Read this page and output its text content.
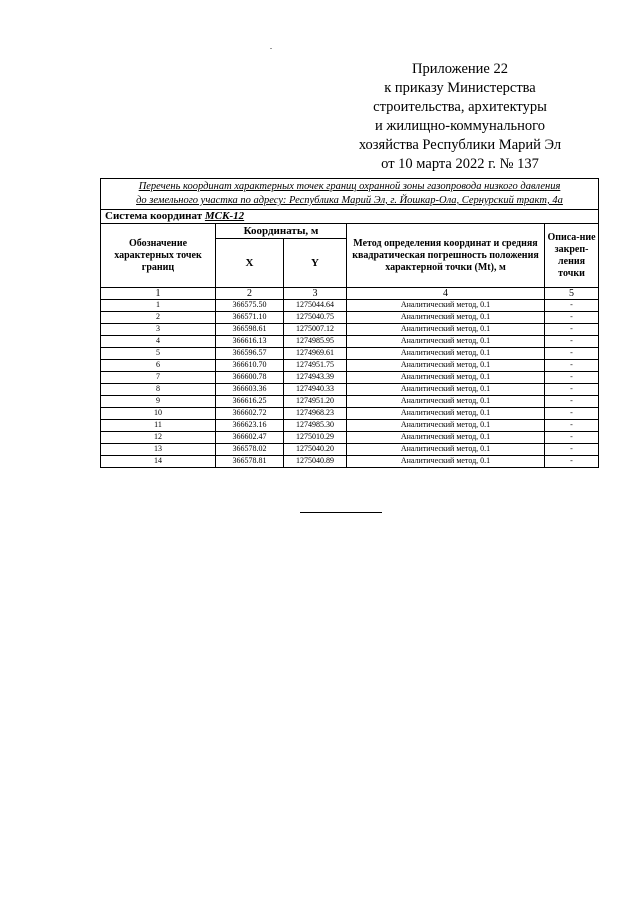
Приложение 22
к приказу Министерства
строительства, архитектуры
и жилищно-коммунального
хозяйства Республики Марий Эл
от 10 марта 2022 г. № 137
Перечень координат характерных точек границ охранной зоны газопровода низкого давления
до земельного участка по адресу: Республика Марий Эл, г. Йошкар-Ола, Сернурский тракт, 4а				

Система координат МСК-12				
Обозначение характерных точек границ	Координаты, м		Метод определения координат и средняя квадратическая погрешность положения характерной точки (Mt), м	Описа-ние закреп-ления точки
	X	Y		
1	2	3	4	5
1	366575.50	1275044.64	Аналитический метод, 0.1	-
2	366571.10	1275040.75	Аналитический метод, 0.1	-
3	366598.61	1275007.12	Аналитический метод, 0.1	-
4	366616.13	1274985.95	Аналитический метод, 0.1	-
5	366596.57	1274969.61	Аналитический метод, 0.1	-
6	366610.70	1274951.75	Аналитический метод, 0.1	-
7	366600.78	1274943.39	Аналитический метод, 0.1	-
8	366603.36	1274940.33	Аналитический метод, 0.1	-
9	366616.25	1274951.20	Аналитический метод, 0.1	-
10	366602.72	1274968.23	Аналитический метод, 0.1	-
11	366623.16	1274985.30	Аналитический метод, 0.1	-
12	366602.47	1275010.29	Аналитический метод, 0.1	-
13	366578.02	1275040.20	Аналитический метод, 0.1	-
14	366578.81	1275040.89	Аналитический метод, 0.1	-
